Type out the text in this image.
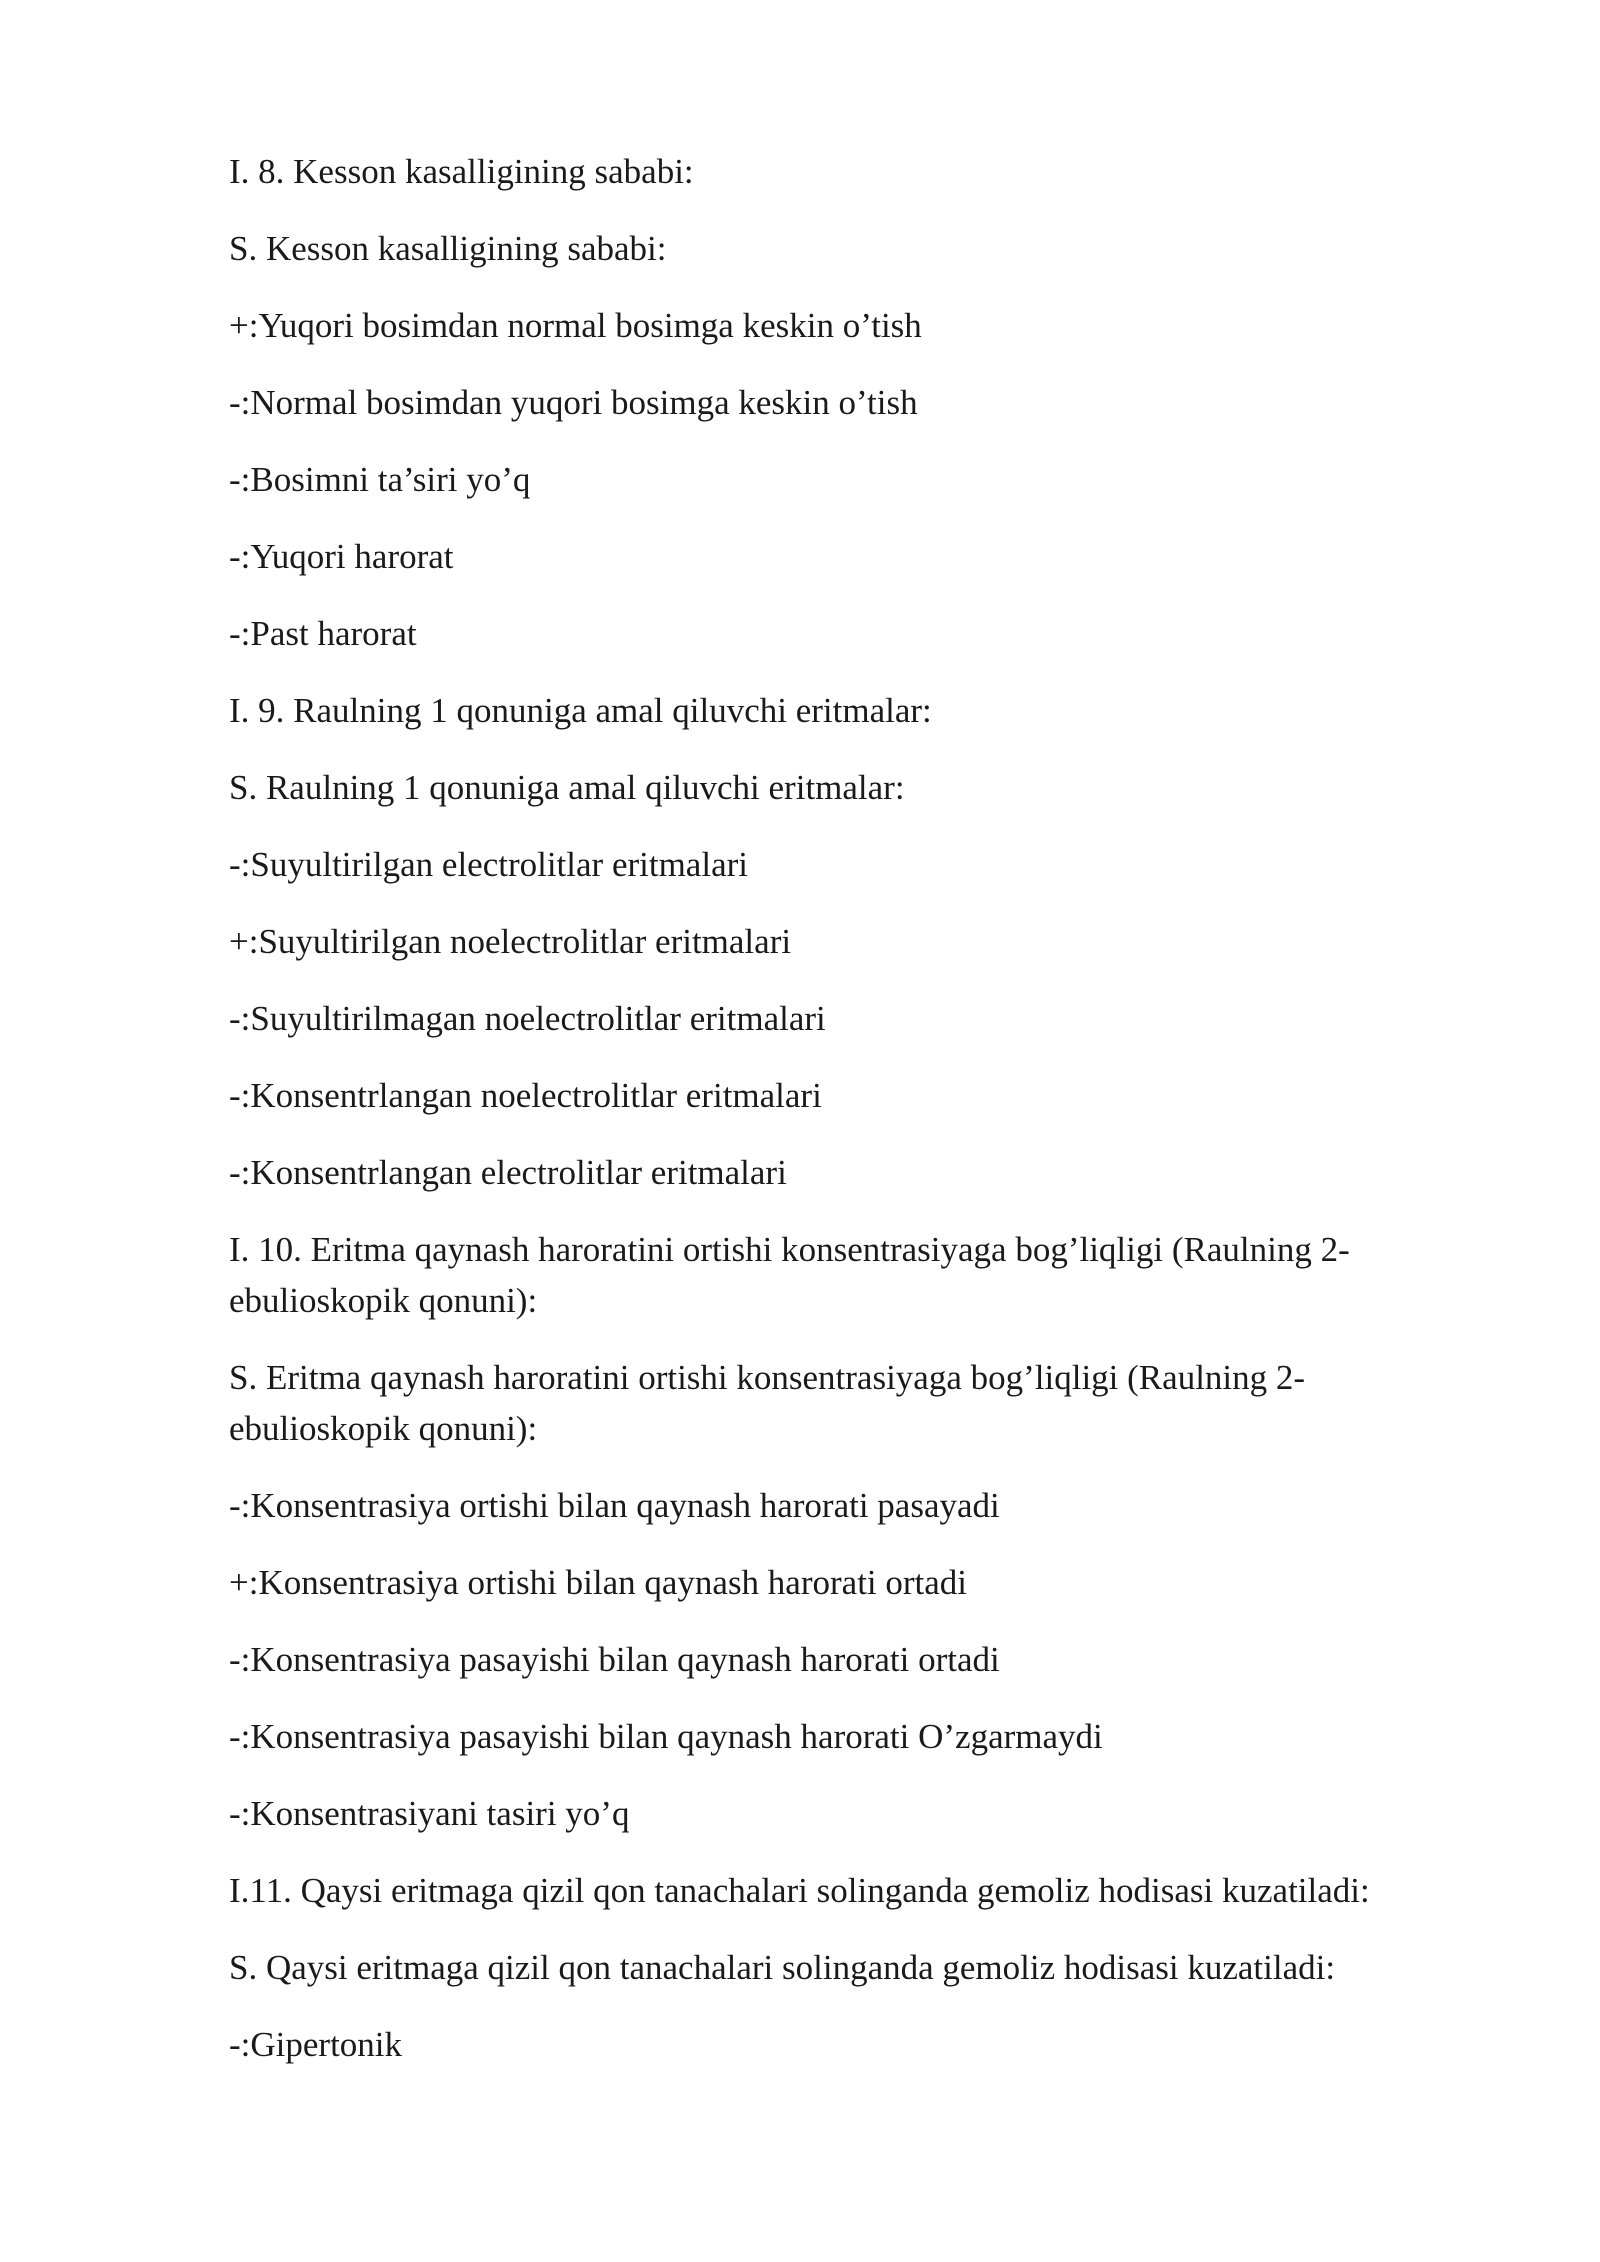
I. 8. Kesson kasalligining sababi:

S. Kesson kasalligining sababi:

+:Yuqori bosimdan normal bosimga keskin o’tish

-:Normal bosimdan yuqori bosimga keskin o’tish

-:Bosimni ta’siri yo’q

-:Yuqori harorat

-:Past harorat

I. 9. Raulning 1 qonuniga amal qiluvchi eritmalar:

S. Raulning 1 qonuniga amal qiluvchi eritmalar:

-:Suyultirilgan electrolitlar eritmalari

+:Suyultirilgan noelectrolitlar eritmalari

-:Suyultirilmagan noelectrolitlar eritmalari

-:Konsentrlangan noelectrolitlar eritmalari

-:Konsentrlangan electrolitlar eritmalari

I. 10. Eritma qaynash haroratini ortishi konsentrasiyaga bog’liqligi (Raulning 2-ebulioskopik qonuni):

S. Eritma qaynash haroratini ortishi konsentrasiyaga bog’liqligi (Raulning 2-ebulioskopik qonuni):

-:Konsentrasiya ortishi bilan qaynash harorati pasayadi

+:Konsentrasiya ortishi bilan qaynash harorati ortadi

-:Konsentrasiya pasayishi bilan qaynash harorati ortadi

-:Konsentrasiya pasayishi bilan qaynash harorati O’zgarmaydi

-:Konsentrasiyani tasiri yo’q

I.11. Qaysi eritmaga qizil qon tanachalari solinganda gemoliz hodisasi kuzatiladi:

S. Qaysi eritmaga qizil qon tanachalari solinganda gemoliz hodisasi kuzatiladi:

-:Gipertonik
